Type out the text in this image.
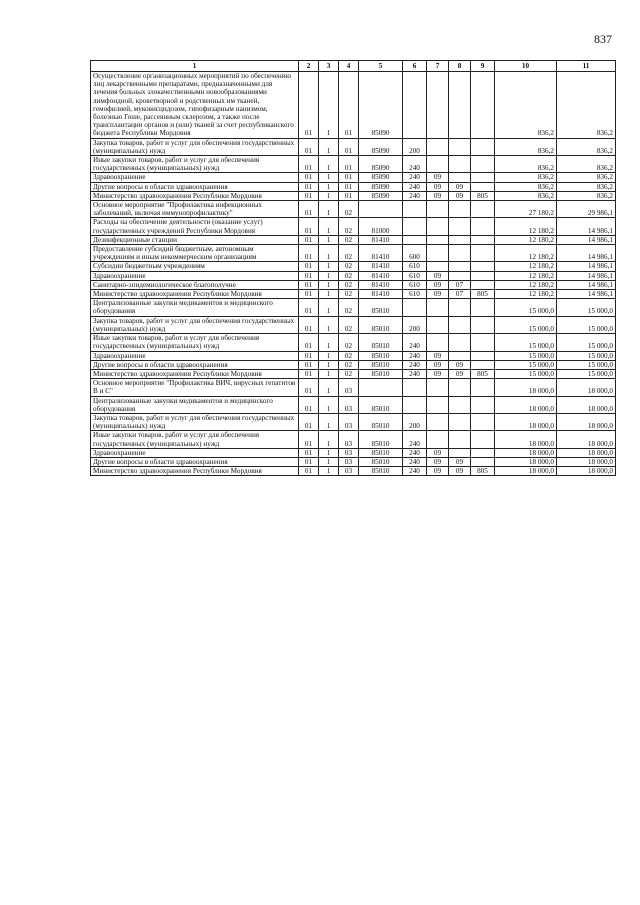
837
1	2	3	4	5	6	7	8	9	10	11
Осуществление организационных мероприятий по обеспечению лиц лекарственными препаратами, предназначенными для лечения больных злокачественными новообразованиями лимфоидной, кроветворной и родственных им тканей, гемофилией, муковисцидозом, гипофизарным нанизмом, болезнью Гоше, рассеянным склерозом, а также после трансплантации органов и (или) тканей за счет республиканского бюджета Республики Мордовия	01	1	01	85090					836,2	836,2
Закупка товаров, работ и услуг для обеспечения государственных (муниципальных) нужд	01	1	01	85090	200				836,2	836,2
Иные закупки товаров, работ и услуг для обеспечения государственных (муниципальных) нужд	01	1	01	85090	240				836,2	836,2
Здравоохранение	01	1	01	85090	240	09			836,2	836,2
Другие вопросы в области здравоохранения	01	1	01	85090	240	09	09		836,2	836,2
Министерство здравоохранения Республики Мордовия	01	1	01	85090	240	09	09	805	836,2	836,2
Основное мероприятие "Профилактика инфекционных заболеваний, включая иммунопрофилактику"	01	1	02						27 180,2	29 986,1
Расходы на обеспечение деятельности (оказание услуг) государственных учреждений Республики Мордовия	01	1	02	81000					12 180,2	14 986,1
Дезинфекционные станции	01	1	02	81410					12 180,2	14 986,1
Предоставление субсидий бюджетным, автономным учреждениям и иным некоммерческим организациям	01	1	02	81410	600				12 180,2	14 986,1
Субсидии бюджетным учреждениям	01	1	02	81410	610				12 180,2	14 986,1
Здравоохранение	01	1	02	81410	610	09			12 180,2	14 986,1
Санитарно-эпидемиологическое благополучие	01	1	02	81410	610	09	07		12 180,2	14 986,1
Министерство здравоохранения Республики Мордовия	01	1	02	81410	610	09	07	805	12 180,2	14 986,1
Централизованные закупки медикаментов и медицинского оборудования	01	1	02	85010					15 000,0	15 000,0
Закупка товаров, работ и услуг для обеспечения государственных (муниципальных) нужд	01	1	02	85010	200				15 000,0	15 000,0
Иные закупки товаров, работ и услуг для обеспечения государственных (муниципальных) нужд	01	1	02	85010	240				15 000,0	15 000,0
Здравоохранение	01	1	02	85010	240	09			15 000,0	15 000,0
Другие вопросы в области здравоохранения	01	1	02	85010	240	09	09		15 000,0	15 000,0
Министерство здравоохранения Республики Мордовия	01	1	02	85010	240	09	09	805	15 000,0	15 000,0
Основное мероприятие "Профилактика ВИЧ, вирусных гепатитов В и С"	01	1	03						18 000,0	18 000,0
Централизованные закупки медикаментов и медицинского оборудования	01	1	03	85010					18 000,0	18 000,0
Закупка товаров, работ и услуг для обеспечения государственных (муниципальных) нужд	01	1	03	85010	200				18 000,0	18 000,0
Иные закупки товаров, работ и услуг для обеспечения государственных (муниципальных) нужд	01	1	03	85010	240				18 000,0	18 000,0
Здравоохранение	01	1	03	85010	240	09			18 000,0	18 000,0
Другие вопросы в области здравоохранения	01	1	03	85010	240	09	09		18 000,0	18 000,0
Министерство здравоохранения Республики Мордовия	01	1	03	85010	240	09	09	805	18 000,0	18 000,0
